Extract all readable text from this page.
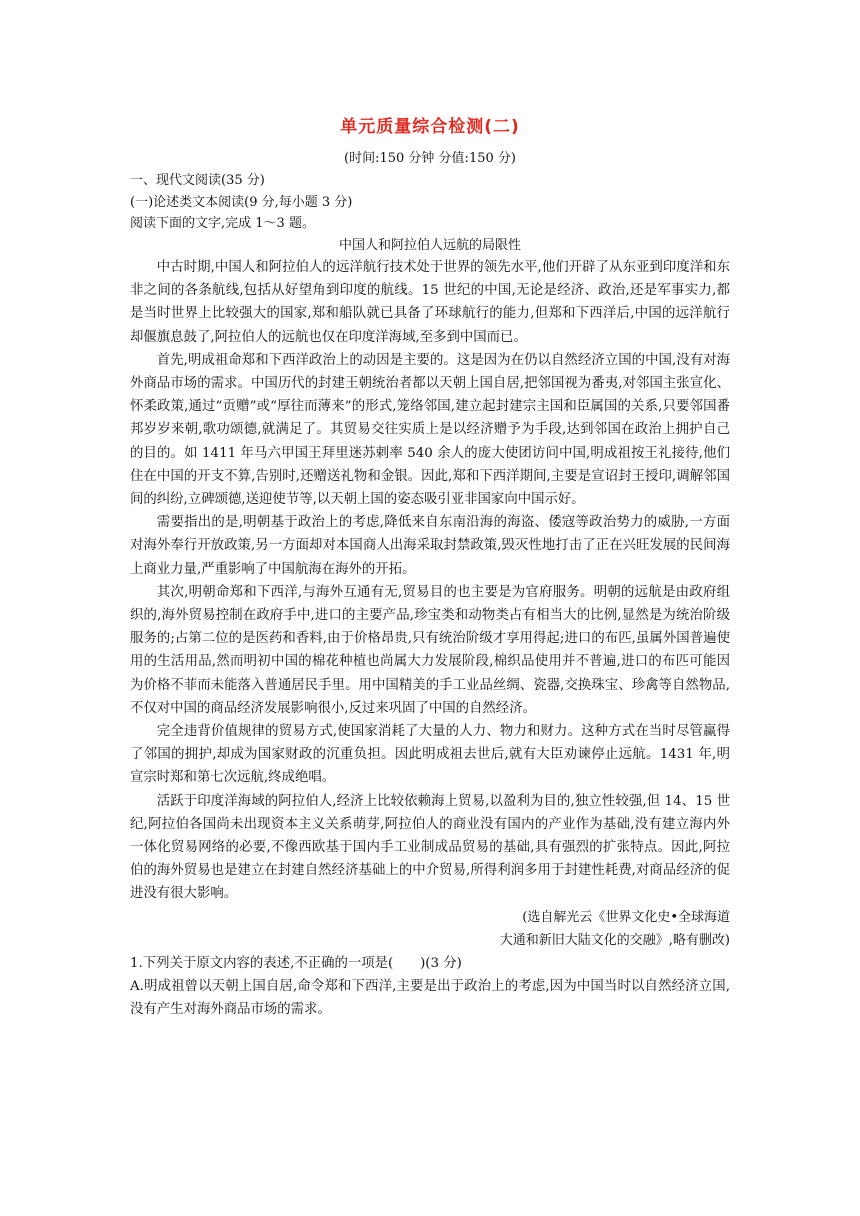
单元质量综合检测(二)

(时间:150 分钟 分值:150 分)

一、现代文阅读(35 分)

(一)论述类文本阅读(9 分,每小题 3 分)

阅读下面的文字,完成 1～3 题。

中国人和阿拉伯人远航的局限性

中古时期,中国人和阿拉伯人的远洋航行技术处于世界的领先水平,他们开辟了从东亚到印度洋和东非之间的各条航线,包括从好望角到印度的航线。15 世纪的中国,无论是经济、政治,还是军事实力,都是当时世界上比较强大的国家,郑和船队就已具备了环球航行的能力,但郑和下西洋后,中国的远洋航行却偃旗息鼓了,阿拉伯人的远航也仅在印度洋海域,至多到中国而已。

首先,明成祖命郑和下西洋政治上的动因是主要的。这是因为在仍以自然经济立国的中国,没有对海外商品市场的需求。中国历代的封建王朝统治者都以天朝上国自居,把邻国视为番夷,对邻国主张宣化、怀柔政策,通过“贡赠”或“厚往而薄来”的形式,笼络邻国,建立起封建宗主国和臣属国的关系,只要邻国番邦岁岁来朝,歌功颂德,就满足了。其贸易交往实质上是以经济赠予为手段,达到邻国在政治上拥护自己的目的。如 1411 年马六甲国王拜里迷苏剌率 540 余人的庞大使团访问中国,明成祖按王礼接待,他们住在中国的开支不算,告别时,还赠送礼物和金银。因此,郑和下西洋期间,主要是宣诏封王授印,调解邻国间的纠纷,立碑颂德,送迎使节等,以天朝上国的姿态吸引亚非国家向中国示好。

需要指出的是,明朝基于政治上的考虑,降低来自东南沿海的海盗、倭寇等政治势力的威胁,一方面对海外奉行开放政策,另一方面却对本国商人出海采取封禁政策,毁灭性地打击了正在兴旺发展的民间海上商业力量,严重影响了中国航海在海外的开拓。

其次,明朝命郑和下西洋,与海外互通有无,贸易目的也主要是为官府服务。明朝的远航是由政府组织的,海外贸易控制在政府手中,进口的主要产品,珍宝类和动物类占有相当大的比例,显然是为统治阶级服务的;占第二位的是医药和香料,由于价格昂贵,只有统治阶级才享用得起;进口的布匹,虽属外国普遍使用的生活用品,然而明初中国的棉花种植也尚属大力发展阶段,棉织品使用并不普遍,进口的布匹可能因为价格不菲而未能落入普通居民手里。用中国精美的手工业品丝绸、瓷器,交换珠宝、珍禽等自然物品,不仅对中国的商品经济发展影响很小,反过来巩固了中国的自然经济。

完全违背价值规律的贸易方式,使国家消耗了大量的人力、物力和财力。这种方式在当时尽管赢得了邻国的拥护,却成为国家财政的沉重负担。因此明成祖去世后,就有大臣劝谏停止远航。1431 年,明宣宗时郑和第七次远航,终成绝唱。

活跃于印度洋海域的阿拉伯人,经济上比较依赖海上贸易,以盈利为目的,独立性较强,但 14、15 世纪,阿拉伯各国尚未出现资本主义关系萌芽,阿拉伯人的商业没有国内的产业作为基础,没有建立海内外一体化贸易网络的必要,不像西欧基于国内手工业制成品贸易的基础,具有强烈的扩张特点。因此,阿拉伯的海外贸易也是建立在封建自然经济基础上的中介贸易,所得利润多用于封建性耗费,对商品经济的促进没有很大影响。

(选自解光云《世界文化史•全球海道

大通和新旧大陆文化的交融》,略有删改)

1.下列关于原文内容的表述,不正确的一项是(　　)(3 分)

A.明成祖曾以天朝上国自居,命令郑和下西洋,主要是出于政治上的考虑,因为中国当时以自然经济立国,没有产生对海外商品市场的需求。
